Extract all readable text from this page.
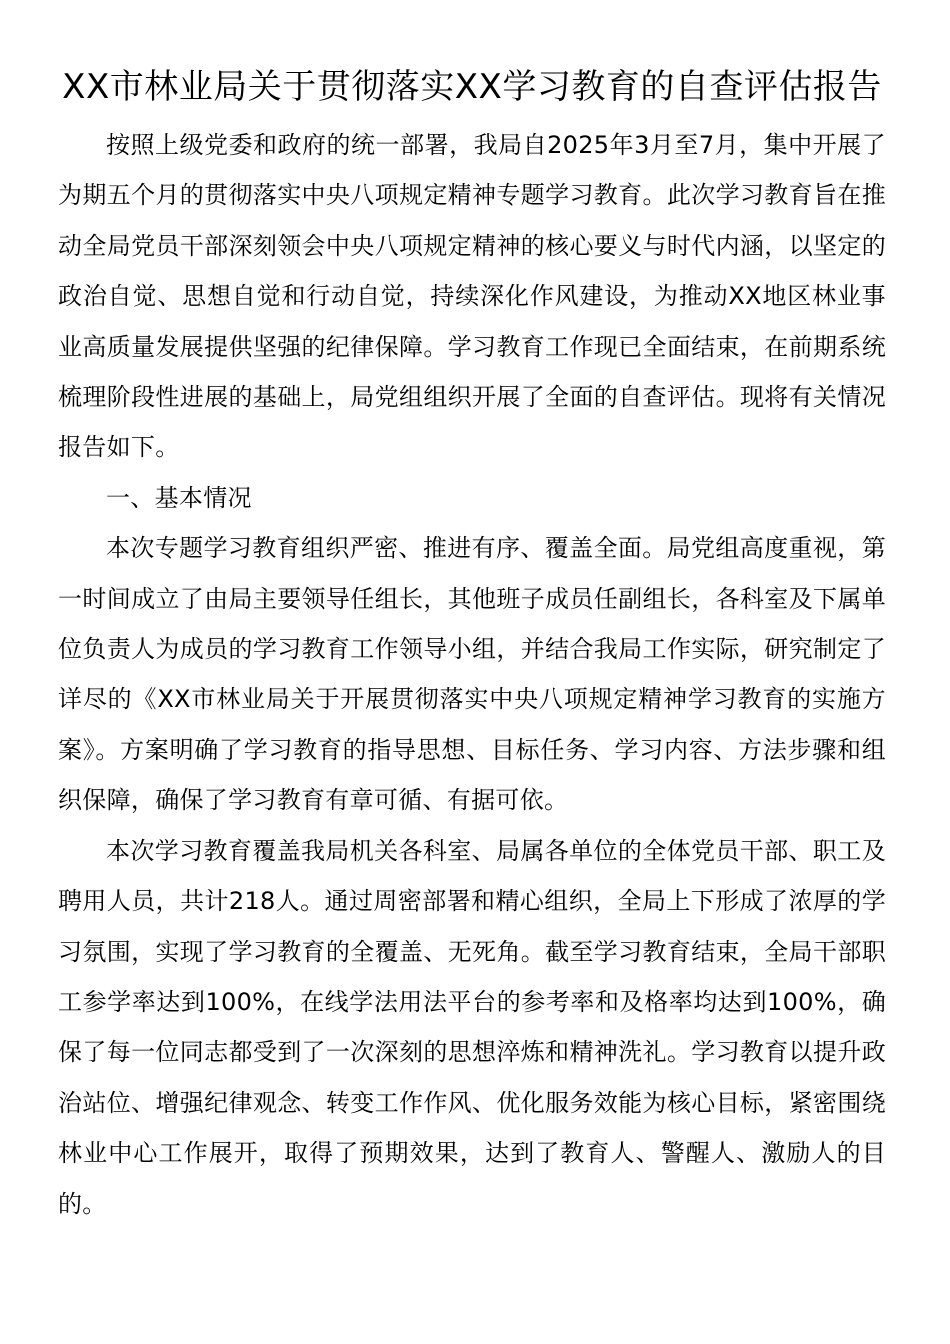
XX市林业局关于贯彻落实XX学习教育的自查评估报告

按照上级党委和政府的统一部署，我局自2025年3月至7月，集中开展了为期五个月的贯彻落实中央八项规定精神专题学习教育。此次学习教育旨在推动全局党员干部深刻领会中央八项规定精神的核心要义与时代内涵，以坚定的政治自觉、思想自觉和行动自觉，持续深化作风建设，为推动XX地区林业事业高质量发展提供坚强的纪律保障。学习教育工作现已全面结束，在前期系统梳理阶段性进展的基础上，局党组组织开展了全面的自查评估。现将有关情况报告如下。

一、基本情况

本次专题学习教育组织严密、推进有序、覆盖全面。局党组高度重视，第一时间成立了由局主要领导任组长，其他班子成员任副组长，各科室及下属单位负责人为成员的学习教育工作领导小组，并结合我局工作实际，研究制定了详尽的《XX市林业局关于开展贯彻落实中央八项规定精神学习教育的实施方案》。方案明确了学习教育的指导思想、目标任务、学习内容、方法步骤和组织保障，确保了学习教育有章可循、有据可依。

本次学习教育覆盖我局机关各科室、局属各单位的全体党员干部、职工及聘用人员，共计218人。通过周密部署和精心组织，全局上下形成了浓厚的学习氛围，实现了学习教育的全覆盖、无死角。截至学习教育结束，全局干部职工参学率达到100%，在线学法用法平台的参考率和及格率均达到100%，确保了每一位同志都受到了一次深刻的思想淬炼和精神洗礼。学习教育以提升政治站位、增强纪律观念、转变工作作风、优化服务效能为核心目标，紧密围绕林业中心工作展开，取得了预期效果，达到了教育人、警醒人、激励人的目的。
